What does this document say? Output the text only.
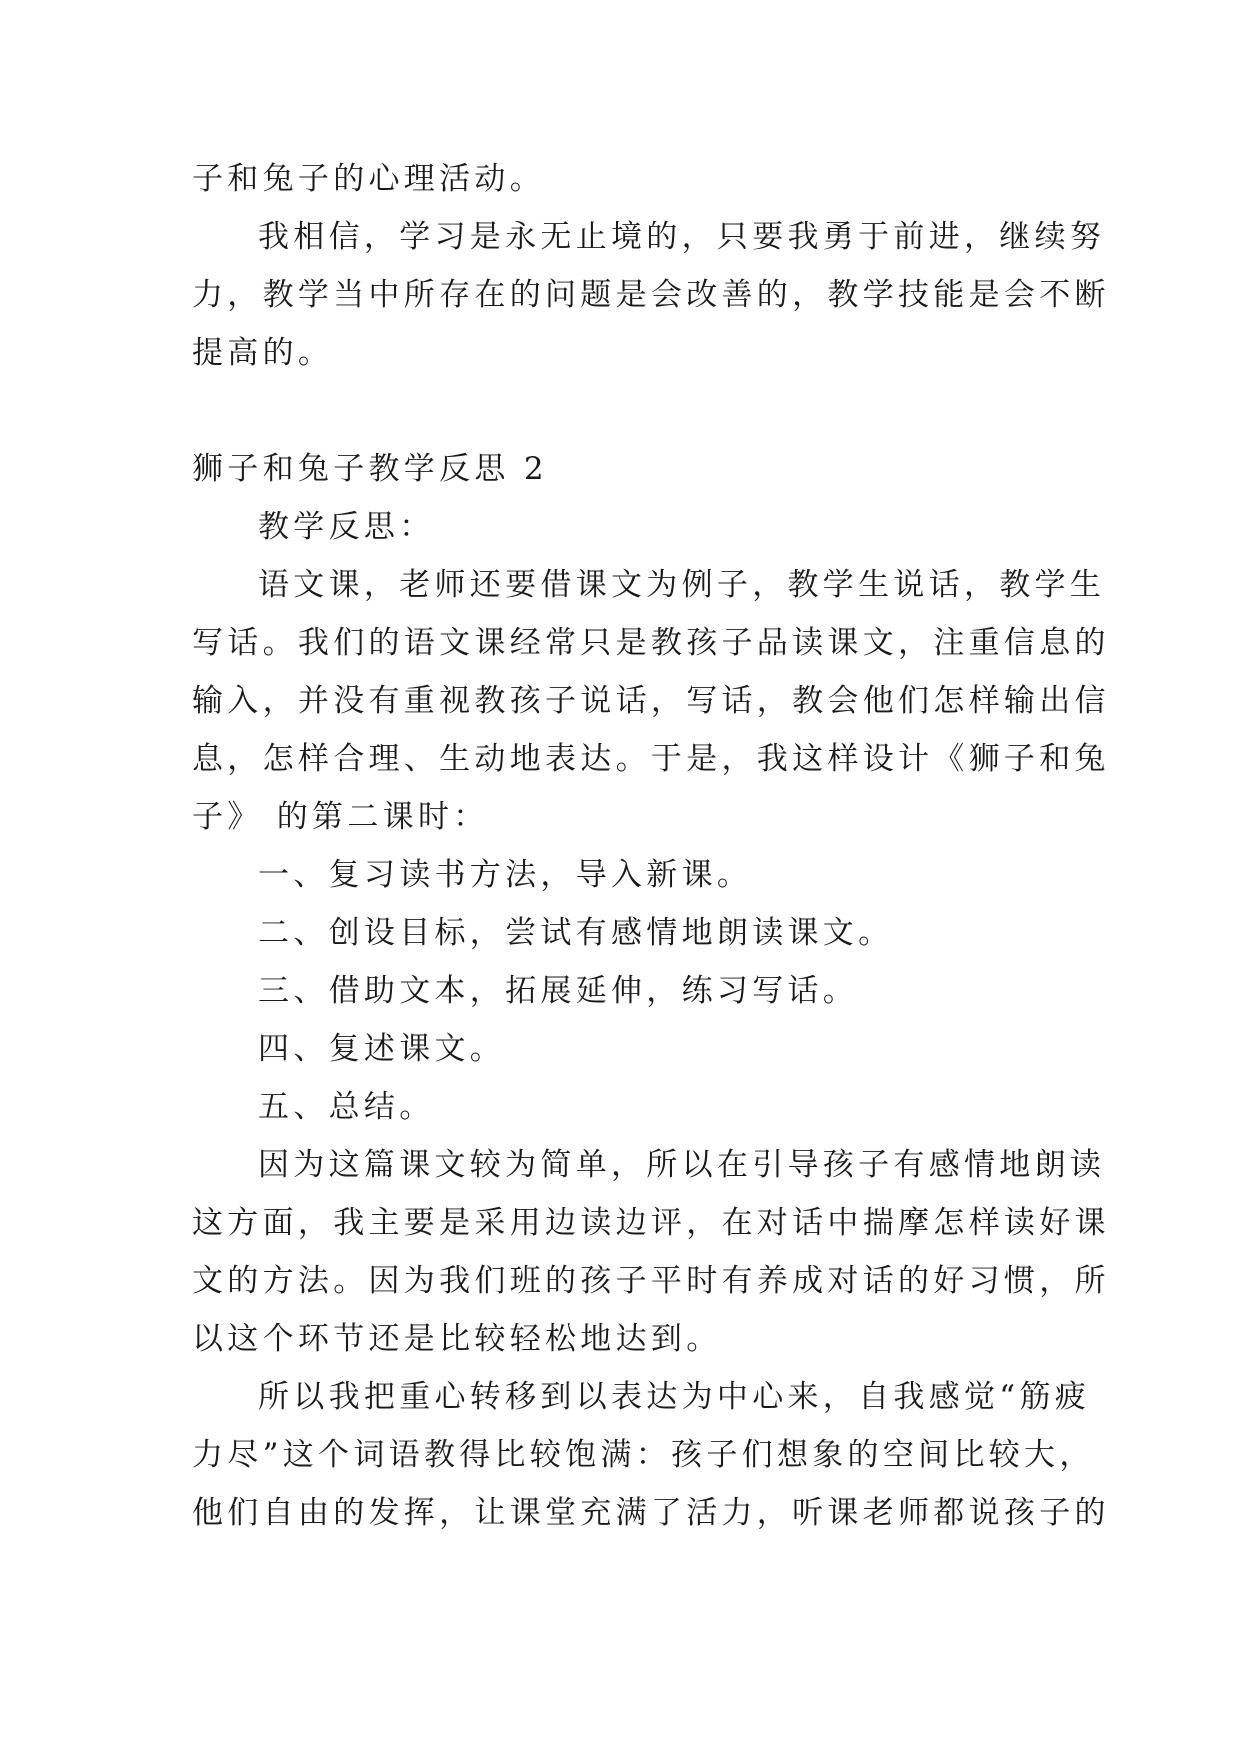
子和兔子的心理活动。
我相信，学习是永无止境的，只要我勇于前进，继续努
力，教学当中所存在的问题是会改善的，教学技能是会不断
提高的。
狮子和兔子教学反思 2
教学反思：
语文课，老师还要借课文为例子，教学生说话，教学生
写话。我们的语文课经常只是教孩子品读课文，注重信息的
输入，并没有重视教孩子说话，写话，教会他们怎样输出信
息，怎样合理、生动地表达。于是，我这样设计《狮子和兔
子》 的第二课时：
一、复习读书方法，导入新课。
二、创设目标，尝试有感情地朗读课文。
三、借助文本，拓展延伸，练习写话。
四、复述课文。
五、总结。
因为这篇课文较为简单，所以在引导孩子有感情地朗读
这方面，我主要是采用边读边评，在对话中揣摩怎样读好课
文的方法。因为我们班的孩子平时有养成对话的好习惯，所
以这个环节还是比较轻松地达到。
所以我把重心转移到以表达为中心来，自我感觉“筋疲
力尽”这个词语教得比较饱满：孩子们想象的空间比较大，
他们自由的发挥，让课堂充满了活力，听课老师都说孩子的
